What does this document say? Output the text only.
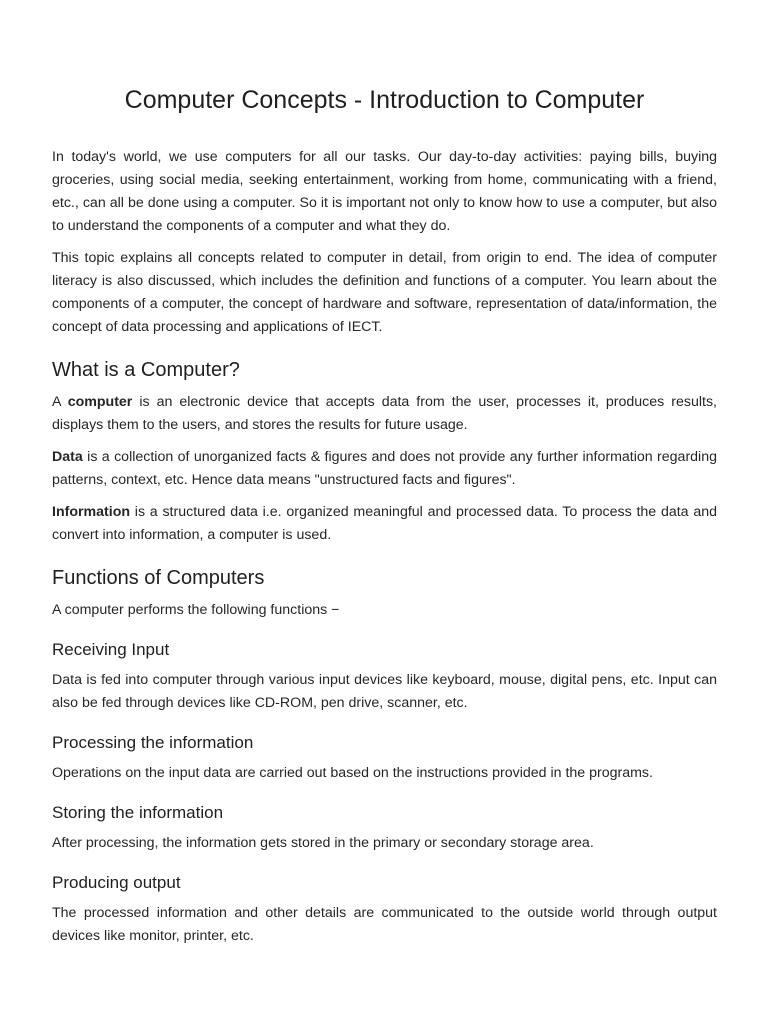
Computer Concepts - Introduction to Computer

In today's world, we use computers for all our tasks. Our day-to-day activities: paying bills, buying groceries, using social media, seeking entertainment, working from home, communicating with a friend, etc., can all be done using a computer. So it is important not only to know how to use a computer, but also to understand the components of a computer and what they do.

This topic explains all concepts related to computer in detail, from origin to end. The idea of computer literacy is also discussed, which includes the definition and functions of a computer. You learn about the components of a computer, the concept of hardware and software, representation of data/information, the concept of data processing and applications of IECT.

What is a Computer?

A computer is an electronic device that accepts data from the user, processes it, produces results, displays them to the users, and stores the results for future usage.

Data is a collection of unorganized facts & figures and does not provide any further information regarding patterns, context, etc. Hence data means "unstructured facts and figures".

Information is a structured data i.e. organized meaningful and processed data. To process the data and convert into information, a computer is used.

Functions of Computers

A computer performs the following functions −

Receiving Input

Data is fed into computer through various input devices like keyboard, mouse, digital pens, etc. Input can also be fed through devices like CD-ROM, pen drive, scanner, etc.

Processing the information

Operations on the input data are carried out based on the instructions provided in the programs.

Storing the information

After processing, the information gets stored in the primary or secondary storage area.

Producing output

The processed information and other details are communicated to the outside world through output devices like monitor, printer, etc.
